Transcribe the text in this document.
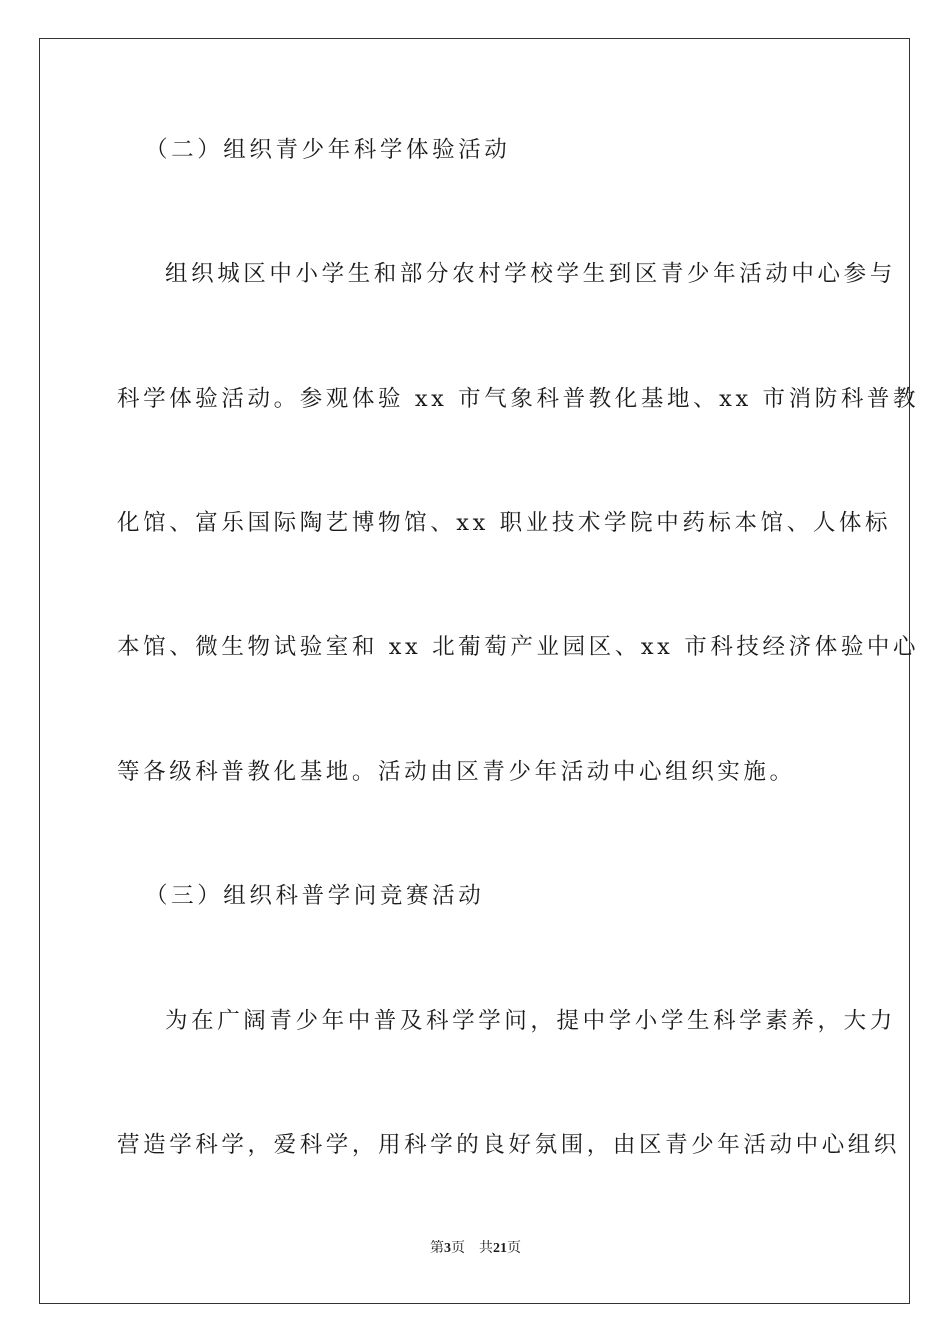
（二）组织青少年科学体验活动

组织城区中小学生和部分农村学校学生到区青少年活动中心参与

科学体验活动。参观体验 xx 市气象科普教化基地、xx 市消防科普教

化馆、富乐国际陶艺博物馆、xx 职业技术学院中药标本馆、人体标

本馆、微生物试验室和 xx 北葡萄产业园区、xx 市科技经济体验中心

等各级科普教化基地。活动由区青少年活动中心组织实施。

（三）组织科普学问竞赛活动

为在广阔青少年中普及科学学问，提中学小学生科学素养，大力

营造学科学，爱科学，用科学的良好氛围，由区青少年活动中心组织

第3页 共21页
